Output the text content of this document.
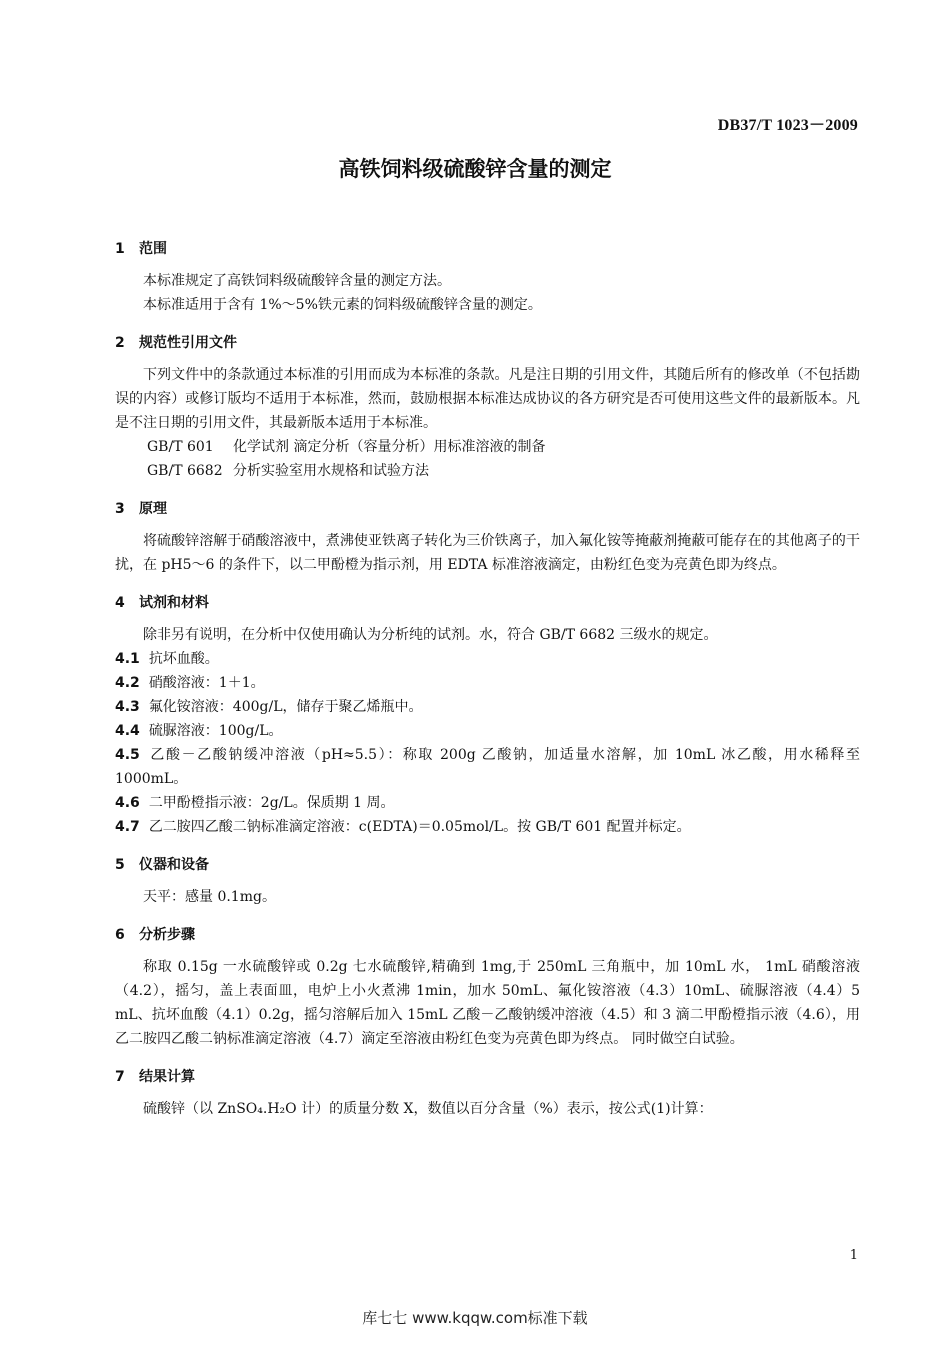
DB37/T 1023－2009
高铁饲料级硫酸锌含量的测定
1 范围
本标准规定了高铁饲料级硫酸锌含量的测定方法。
本标准适用于含有 1%～5%铁元素的饲料级硫酸锌含量的测定。
2 规范性引用文件
下列文件中的条款通过本标准的引用而成为本标准的条款。凡是注日期的引用文件，其随后所有的修改单（不包括勘误的内容）或修订版均不适用于本标准，然而，鼓励根据本标准达成协议的各方研究是否可使用这些文件的最新版本。凡是不注日期的引用文件，其最新版本适用于本标准。
GB/T 601 化学试剂 滴定分析（容量分析）用标准溶液的制备
GB/T 6682 分析实验室用水规格和试验方法
3 原理
将硫酸锌溶解于硝酸溶液中，煮沸使亚铁离子转化为三价铁离子，加入氟化铵等掩蔽剂掩蔽可能存在的其他离子的干扰，在 pH5～6 的条件下，以二甲酚橙为指示剂，用 EDTA 标准溶液滴定，由粉红色变为亮黄色即为终点。
4 试剂和材料
除非另有说明，在分析中仅使用确认为分析纯的试剂。水，符合 GB/T 6682 三级水的规定。
4.1 抗坏血酸。
4.2 硝酸溶液：1＋1。
4.3 氟化铵溶液：400g/L，储存于聚乙烯瓶中。
4.4 硫脲溶液：100g/L。
4.5 乙酸－乙酸钠缓冲溶液（pH≈5.5）：称取 200g 乙酸钠，加适量水溶解，加 10mL 冰乙酸，用水稀释至 1000mL。
4.6 二甲酚橙指示液：2g/L。保质期 1 周。
4.7 乙二胺四乙酸二钠标准滴定溶液：c(EDTA)＝0.05mol/L。按 GB/T 601 配置并标定。
5 仪器和设备
天平：感量 0.1mg。
6 分析步骤
称取 0.15g 一水硫酸锌或 0.2g 七水硫酸锌,精确到 1mg,于 250mL 三角瓶中，加 10mL 水， 1mL 硝酸溶液（4.2），摇匀，盖上表面皿，电炉上小火煮沸 1min，加水 50mL、氟化铵溶液（4.3）10mL、硫脲溶液（4.4）5 mL、抗坏血酸（4.1）0.2g，摇匀溶解后加入 15mL 乙酸－乙酸钠缓冲溶液（4.5）和 3 滴二甲酚橙指示液（4.6），用乙二胺四乙酸二钠标准滴定溶液（4.7）滴定至溶液由粉红色变为亮黄色即为终点。 同时做空白试验。
7 结果计算
硫酸锌（以 ZnSO₄.H₂O 计）的质量分数 X，数值以百分含量（%）表示，按公式(1)计算：
1
库七七 www.kqqw.com标准下载
